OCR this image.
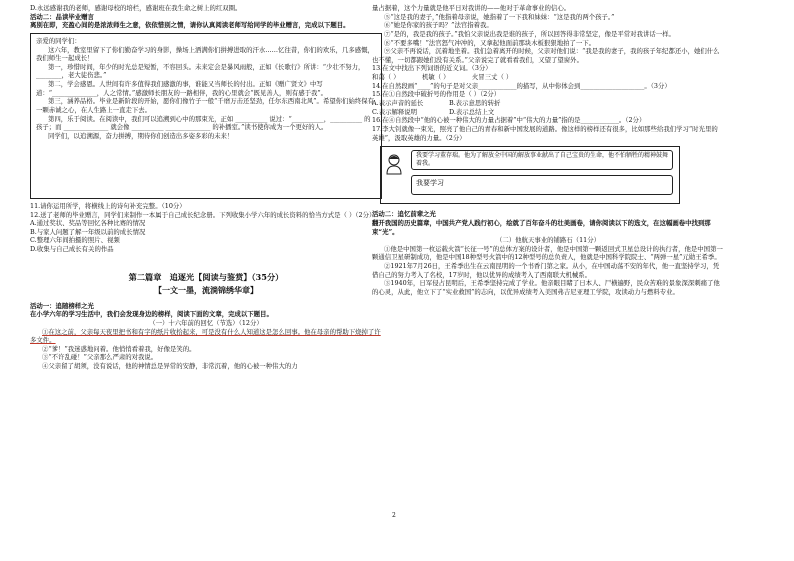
D.永远感谢我的老师，感谢母校的培栏，感谢班在我生命之树上的红双圈。

活动二：品读毕业赠言

离别在即，充盈心间的是浓浓师生之意，依依惜别之情，请你认真阅读老师写给同学的毕业赠言，完成以下题目。

亲爱的同学们：

这六年，教室里留下了你们勤奋学习的身影，操场上洒满你们拼搏进取的汗水……忆往昔，你们的欢乐，几多感慨，我们师生一起成长！

第一，珍惜时间，年少的时光总是短暂，不容回头。未来定会是暴风雨般，正如《长歌行》所讲：“少壮不努力，________，老大徒伤悲。”

第二，学会感恩。人世间有许多值得我们感激的事，谁能又当师长的付出。正如《赠广贤文》中写道：“______________，人之常情。”感激师长朋友的一路相伴，我的心里就会“既见善人，则有感于我”。

第三，涵养品格。毕业是新阶段的开始，愿你们像竹子一般“千磨万击还坚劲，任尔东西南北风”。希望你们始终保有一颗赤诚之心，在人生路上一直走下去。

第四，乐于阅读。在阅读中，我们可以追溯到心中的那束光，正如 __________ 说过：“__________，__________ 的孩子；而 ______________ 就会像 __________ ______________ 的补播室。”读书使你成为一个更好的人。

同学们，以追溯源，奋力拼搏，期待你们创造出多姿多彩的未来！

11.请你运用所学，将横线上的诗句补充完整。（10分）

12.送了老师的毕业赠言，同学们来制作一本属于自己成长纪念册。下列收集小学六年的成长资料的恰当方式是（ ）（2分）

A.通过奖状、奖品等回忆各种比赛的情况

B.与家人问题了解一年级以前的成长情况

C.整理六年间拍摄的照片、视频

D.收集与自己成长有关的作品

第二篇章　追逐光【阅读与鉴赏】（35分）

【一文一墨，流淌锦绣华章】

活动一：追随榜样之光

在小学六年的学习生活中，我们会发现身边的榜样，阅读下面的文章，完成以下题目。

（一）十六年前的回忆（节选）（12分）

①在这之前，父亲每天夜里把书和有字的纸片收拾起来，可是没有什么人知道这是怎么回事。他在母亲的帮助下烧掉了许多文件。

②“爹！”我迷惑地问着。他悄悄看着我，好像是笑的。

③“不许乱碰！”父亲那么严肃的对我说。

④父亲留了胡须，没有说话，他的神情总是异常的安静，非常沉着，他的心被一种伟大的力

量占据着，这个力量就是他平日对我讲的——他对于革命事业的信心。

⑤“这是我的妻子，”他指着母亲说，她指着了一下我和妹妹：“这是我的两个孩子。”

⑥“她是你家的孩子吗？”法官指着我。

⑦“是的，我是我的孩子。”我怕父亲说出我是谁的孩子，所以回答得非常坚定，像是平常对我讲话一样。

⑧“不要多嘴！”法官怒气冲冲的，又拿起他面前那块木板狠狠地拍了一下。

⑨父亲不再说话，沉着地坐着。我们急着离开的时候，父亲对他们说：“我是我的妻子，我的孩子年纪都还小，她们什么也不懂，一切都跟她们没有关系。”父亲说完了就看看我们，又望了望窗外。

13.在文中找出下列词语的近义词。（3分）

和蔼（ ）　　　　机敏（ ）　　　　火冒三丈（ ）

14.在自然段画“____”的句子是对父亲____________的描写，从中你体会到____________________。（3分）

15.在①自然段中破折号的作用是（ ）（2分）

A.表示声音的延长　　　　B.表示意思的转折

C.表示解释说明　　　　　D.表示总结上文

16.在④自然段中“他的心被一种伟大的力量占据着”中“伟大的力量”指的是____________。（2分）

17.李大钊就像一束光，照亮了他自己的青春和新中国发展的道路。像这样的榜样还有很多，比如那些给我们学习“时光里的英雄”，汲取英雄的力量。（2分）

我要学习董存瑞。他为了解放全中国的解放事业献出了自己宝贵的生命，他不怕牺牲的精神鼓舞着我。
我要学习

活动二：追忆前辈之光

翻开我国的历史篇章，中国共产党人践行初心，绘就了百年奋斗的壮美画卷，请你阅读以下的选文，在这幅画卷中找到那束“光”。

（二）他航天事业的铺路石（11分）

①他是中国第一枚运载火箭“长征一号”的总体方案的设计者，他是中国第一颗返回式卫星总设计的执行者，他是中国第一颗通信卫星研制成功，他是中国18种型号火箭中的12种型号的总负责人，他就是中国科学院院士、“两弹一星”元勋王希季。

②1921年7月26日，王希季出生在云南昆明的一个书香门第之家。从小，在中国动荡不安的年代，他一直坚持学习，凭借自己的努力考入了名校，17岁时，他以优异的成绩考入了西南联大机械系。

③1940年，日军侵占昆明后，王希季坚持完成了学业。他亲眼目睹了日本人、尸横遍野，民众苦难的景象深深刺痛了他的心灵，从此，他立下了“实业救国”的志向，以优异成绩考入美国弗吉尼亚理工学院，攻读动力与燃料专业。

2
